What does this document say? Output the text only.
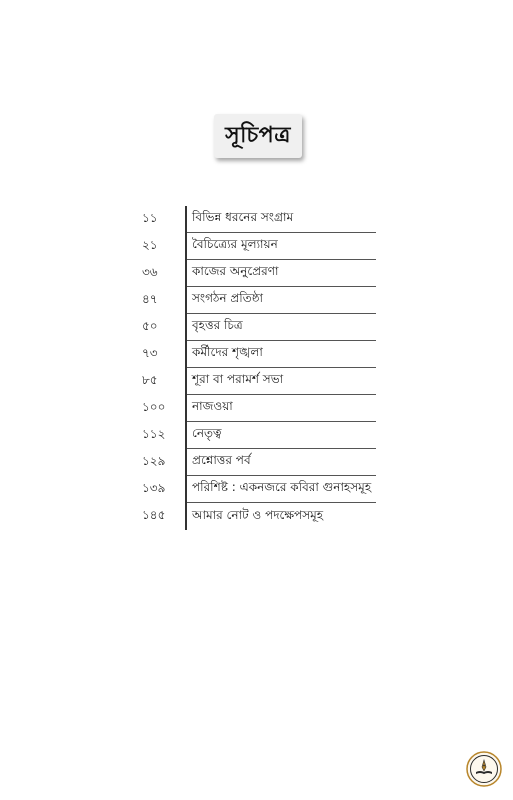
সূচিপত্র
১১	বিভিন্ন ধরনের সংগ্রাম
২১	বৈচিত্র্যের মূল্যায়ন
৩৬	কাজের অনুপ্রেরণা
৪৭	সংগঠন প্রতিষ্ঠা
৫০	বৃহত্তর চিত্র
৭৩	কর্মীদের শৃঙ্খলা
৮৫	শূরা বা পরামর্শ সভা
১০০	নাজওয়া
১১২	নেতৃত্ব
১২৯	প্রশ্নোত্তর পর্ব
১৩৯	পরিশিষ্ট : একনজরে কবিরা গুনাহসমূহ
১৪৫	আমার নোট ও পদক্ষেপসমূহ
